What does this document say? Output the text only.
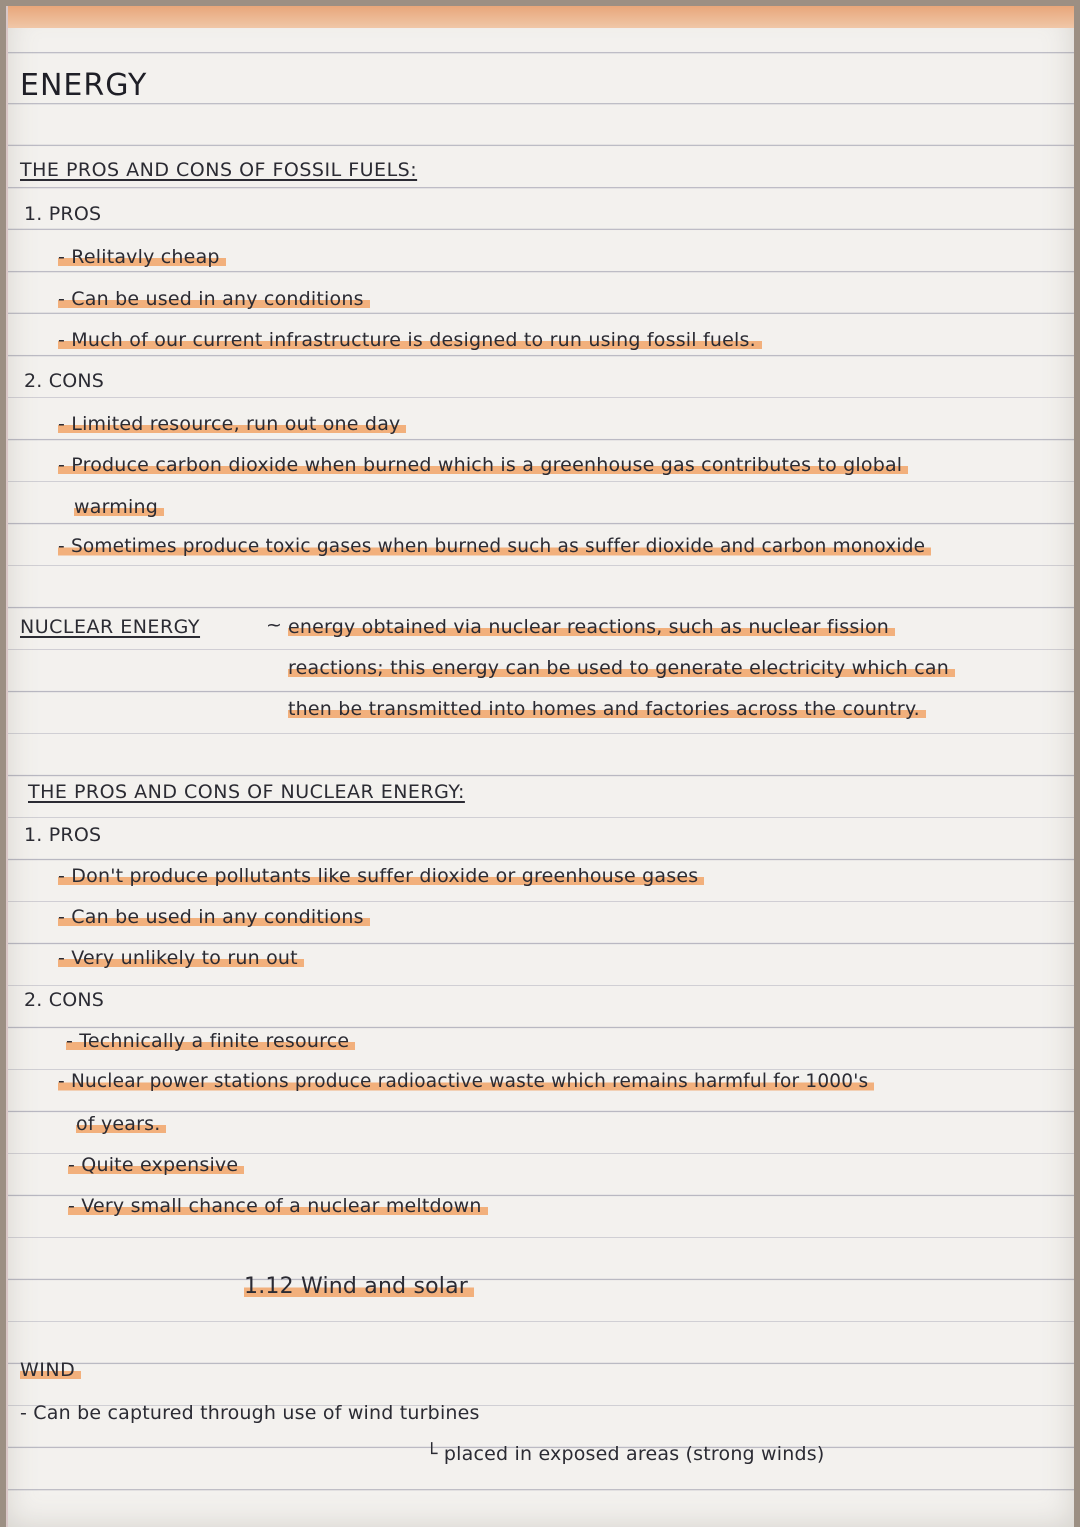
ENERGY
THE PROS AND CONS OF FOSSIL FUELS:
1. PROS
- Relitavly cheap
- Can be used in any conditions
- Much of our current infrastructure is designed to run using fossil fuels.
2. CONS
- Limited resource, run out one day
- Produce carbon dioxide when burned which is a greenhouse gas contributes to global
warming
- Sometimes produce toxic gases when burned such as suffer dioxide and carbon monoxide
NUCLEAR ENERGY	~ energy obtained via nuclear reactions, such as nuclear fission
reactions; this energy can be used to generate electricity which can
then be transmitted into homes and factories across the country.
THE PROS AND CONS OF NUCLEAR ENERGY:
1. PROS
- Don't produce pollutants like suffer dioxide or greenhouse gases
- Can be used in any conditions
- Very unlikely to run out
2. CONS
- Technically a finite resource
- Nuclear power stations produce radioactive waste which remains harmful for 1000's
of years.
- Quite expensive
- Very small chance of a nuclear meltdown
1.12 Wind and solar
WIND
- Can be captured through use of wind turbines
└ placed in exposed areas (strong winds)
